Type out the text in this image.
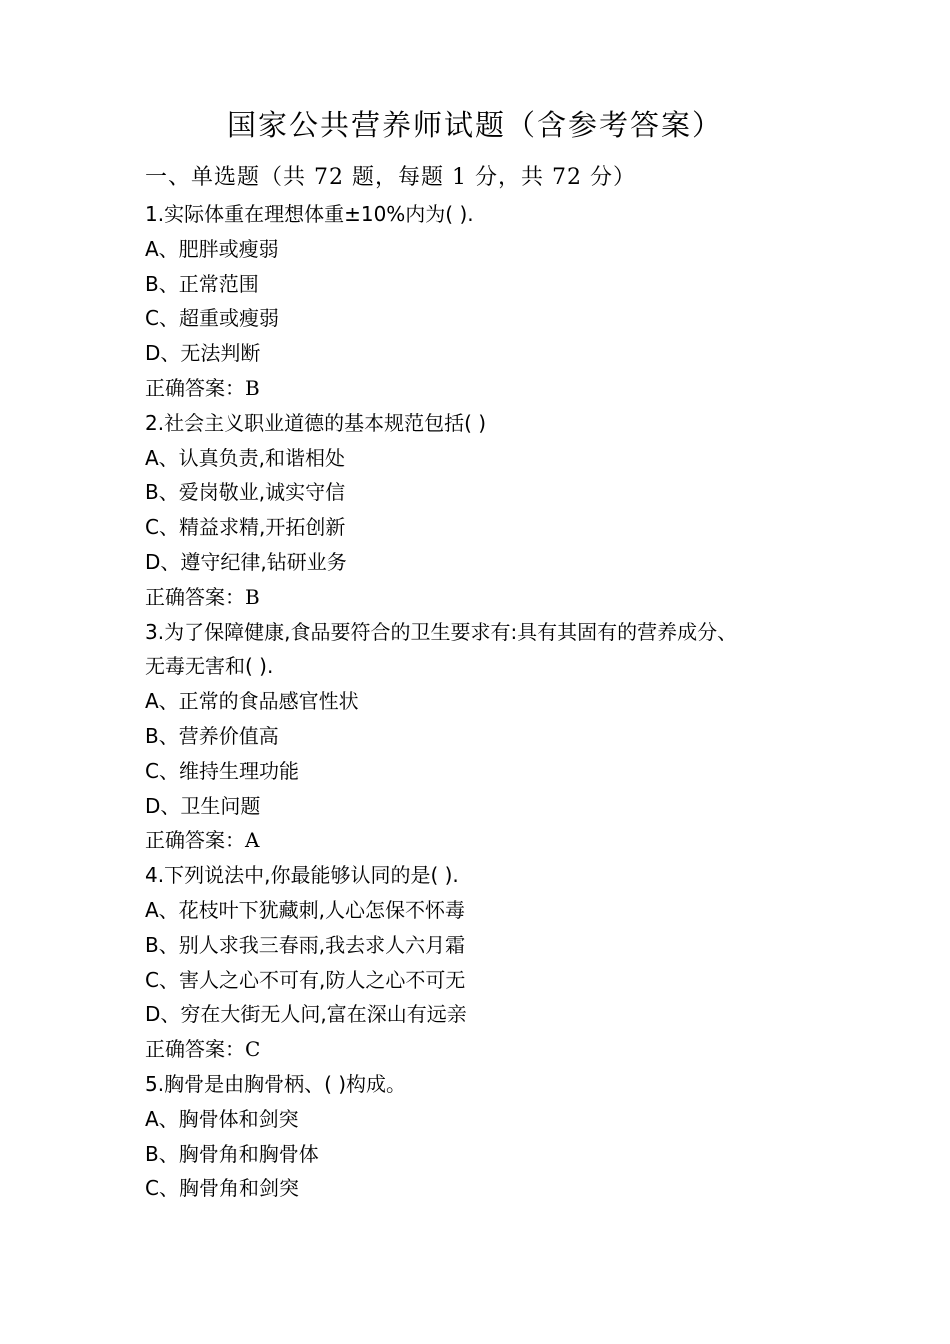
国家公共营养师试题（含参考答案）
一、单选题（共 72 题，每题 1 分，共 72 分）
1.实际体重在理想体重±10%内为( ).
A、肥胖或瘦弱
B、正常范围
C、超重或瘦弱
D、无法判断
正确答案：B
2.社会主义职业道德的基本规范包括( )
A、认真负责,和谐相处
B、爱岗敬业,诚实守信
C、精益求精,开拓创新
D、遵守纪律,钻研业务
正确答案：B
3.为了保障健康,食品要符合的卫生要求有:具有其固有的营养成分、
无毒无害和( ).
A、正常的食品感官性状
B、营养价值高
C、维持生理功能
D、卫生问题
正确答案：A
4.下列说法中,你最能够认同的是( ).
A、花枝叶下犹藏刺,人心怎保不怀毒
B、别人求我三春雨,我去求人六月霜
C、害人之心不可有,防人之心不可无
D、穷在大街无人问,富在深山有远亲
正确答案：C
5.胸骨是由胸骨柄、( )构成。
A、胸骨体和剑突
B、胸骨角和胸骨体
C、胸骨角和剑突
